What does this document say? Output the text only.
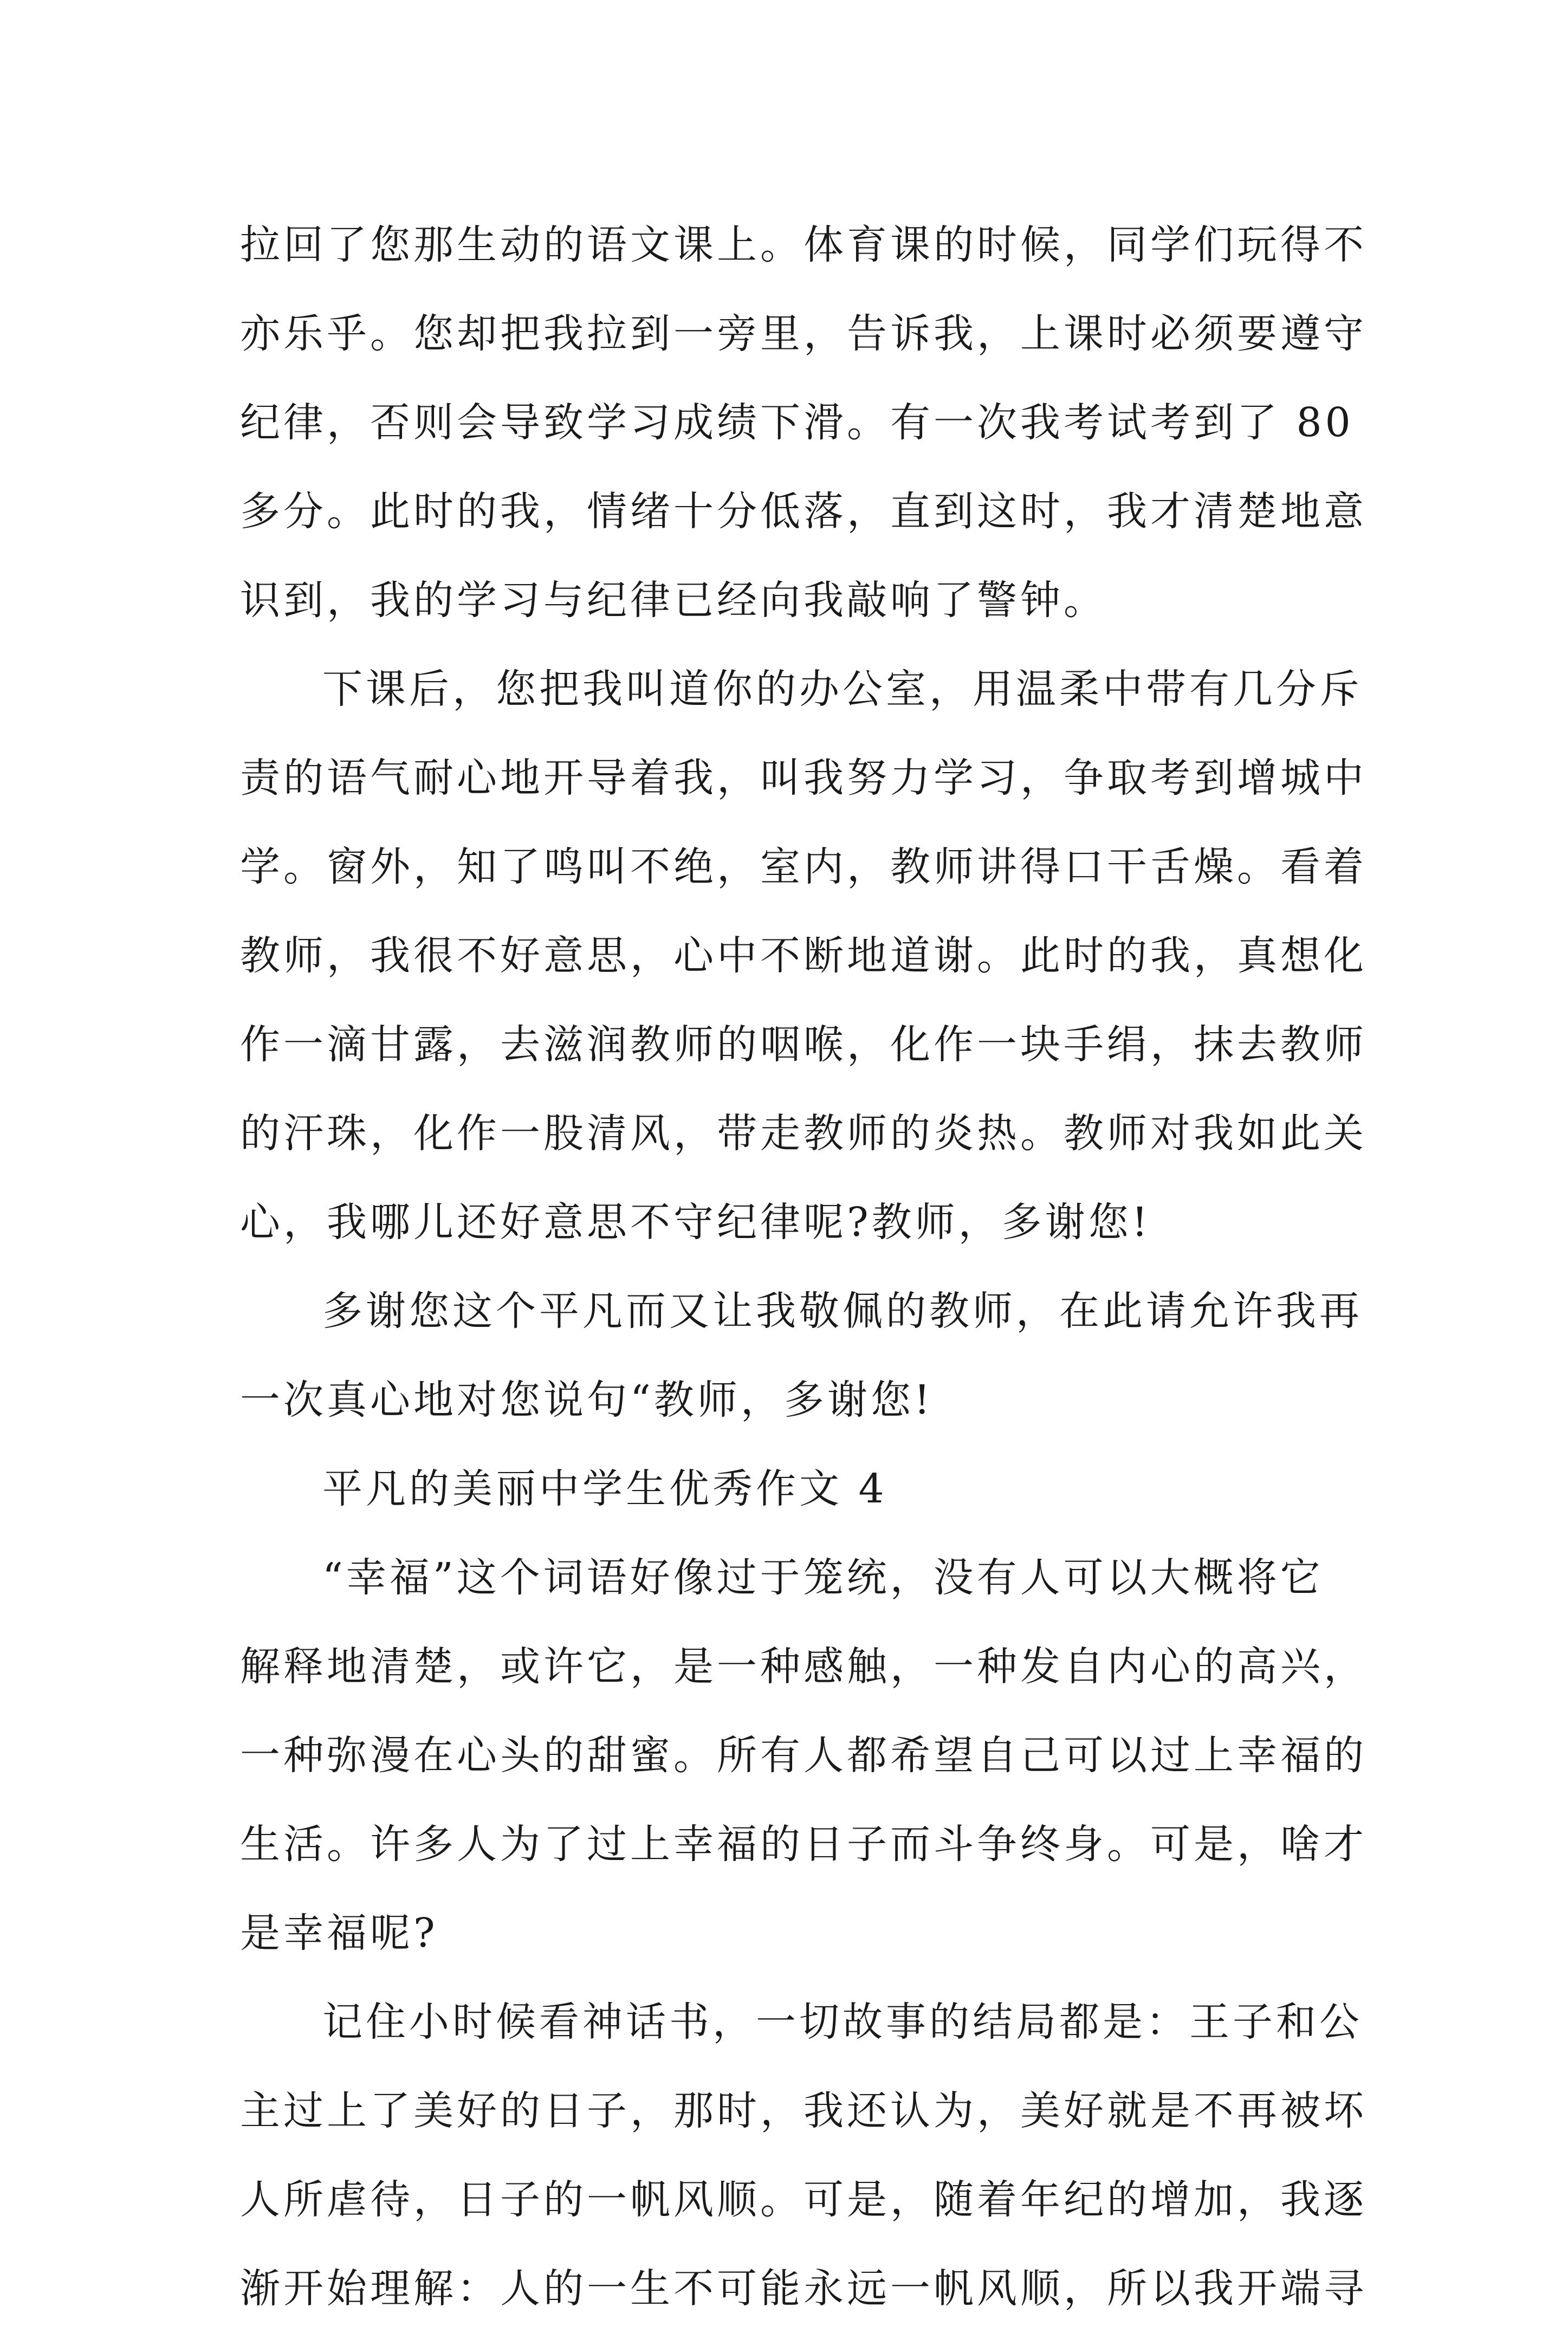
拉回了您那生动的语文课上。体育课的时候，同学们玩得不
亦乐乎。您却把我拉到一旁里，告诉我，上课时必须要遵守
纪律，否则会导致学习成绩下滑。有一次我考试考到了 80
多分。此时的我，情绪十分低落，直到这时，我才清楚地意
识到，我的学习与纪律已经向我敲响了警钟。
下课后，您把我叫道你的办公室，用温柔中带有几分斥
责的语气耐心地开导着我，叫我努力学习，争取考到增城中
学。窗外，知了鸣叫不绝，室内，教师讲得口干舌燥。看着
教师，我很不好意思，心中不断地道谢。此时的我，真想化
作一滴甘露，去滋润教师的咽喉，化作一块手绢，抹去教师
的汗珠，化作一股清风，带走教师的炎热。教师对我如此关
心，我哪儿还好意思不守纪律呢?教师，多谢您!
多谢您这个平凡而又让我敬佩的教师，在此请允许我再
一次真心地对您说句“教师，多谢您!
平凡的美丽中学生优秀作文 4
“幸福”这个词语好像过于笼统，没有人可以大概将它
解释地清楚，或许它，是一种感触，一种发自内心的高兴，
一种弥漫在心头的甜蜜。所有人都希望自己可以过上幸福的
生活。许多人为了过上幸福的日子而斗争终身。可是，啥才
是幸福呢?
记住小时候看神话书，一切故事的结局都是：王子和公
主过上了美好的日子，那时，我还认为，美好就是不再被坏
人所虐待，日子的一帆风顺。可是，随着年纪的增加，我逐
渐开始理解：人的一生不可能永远一帆风顺，所以我开端寻
